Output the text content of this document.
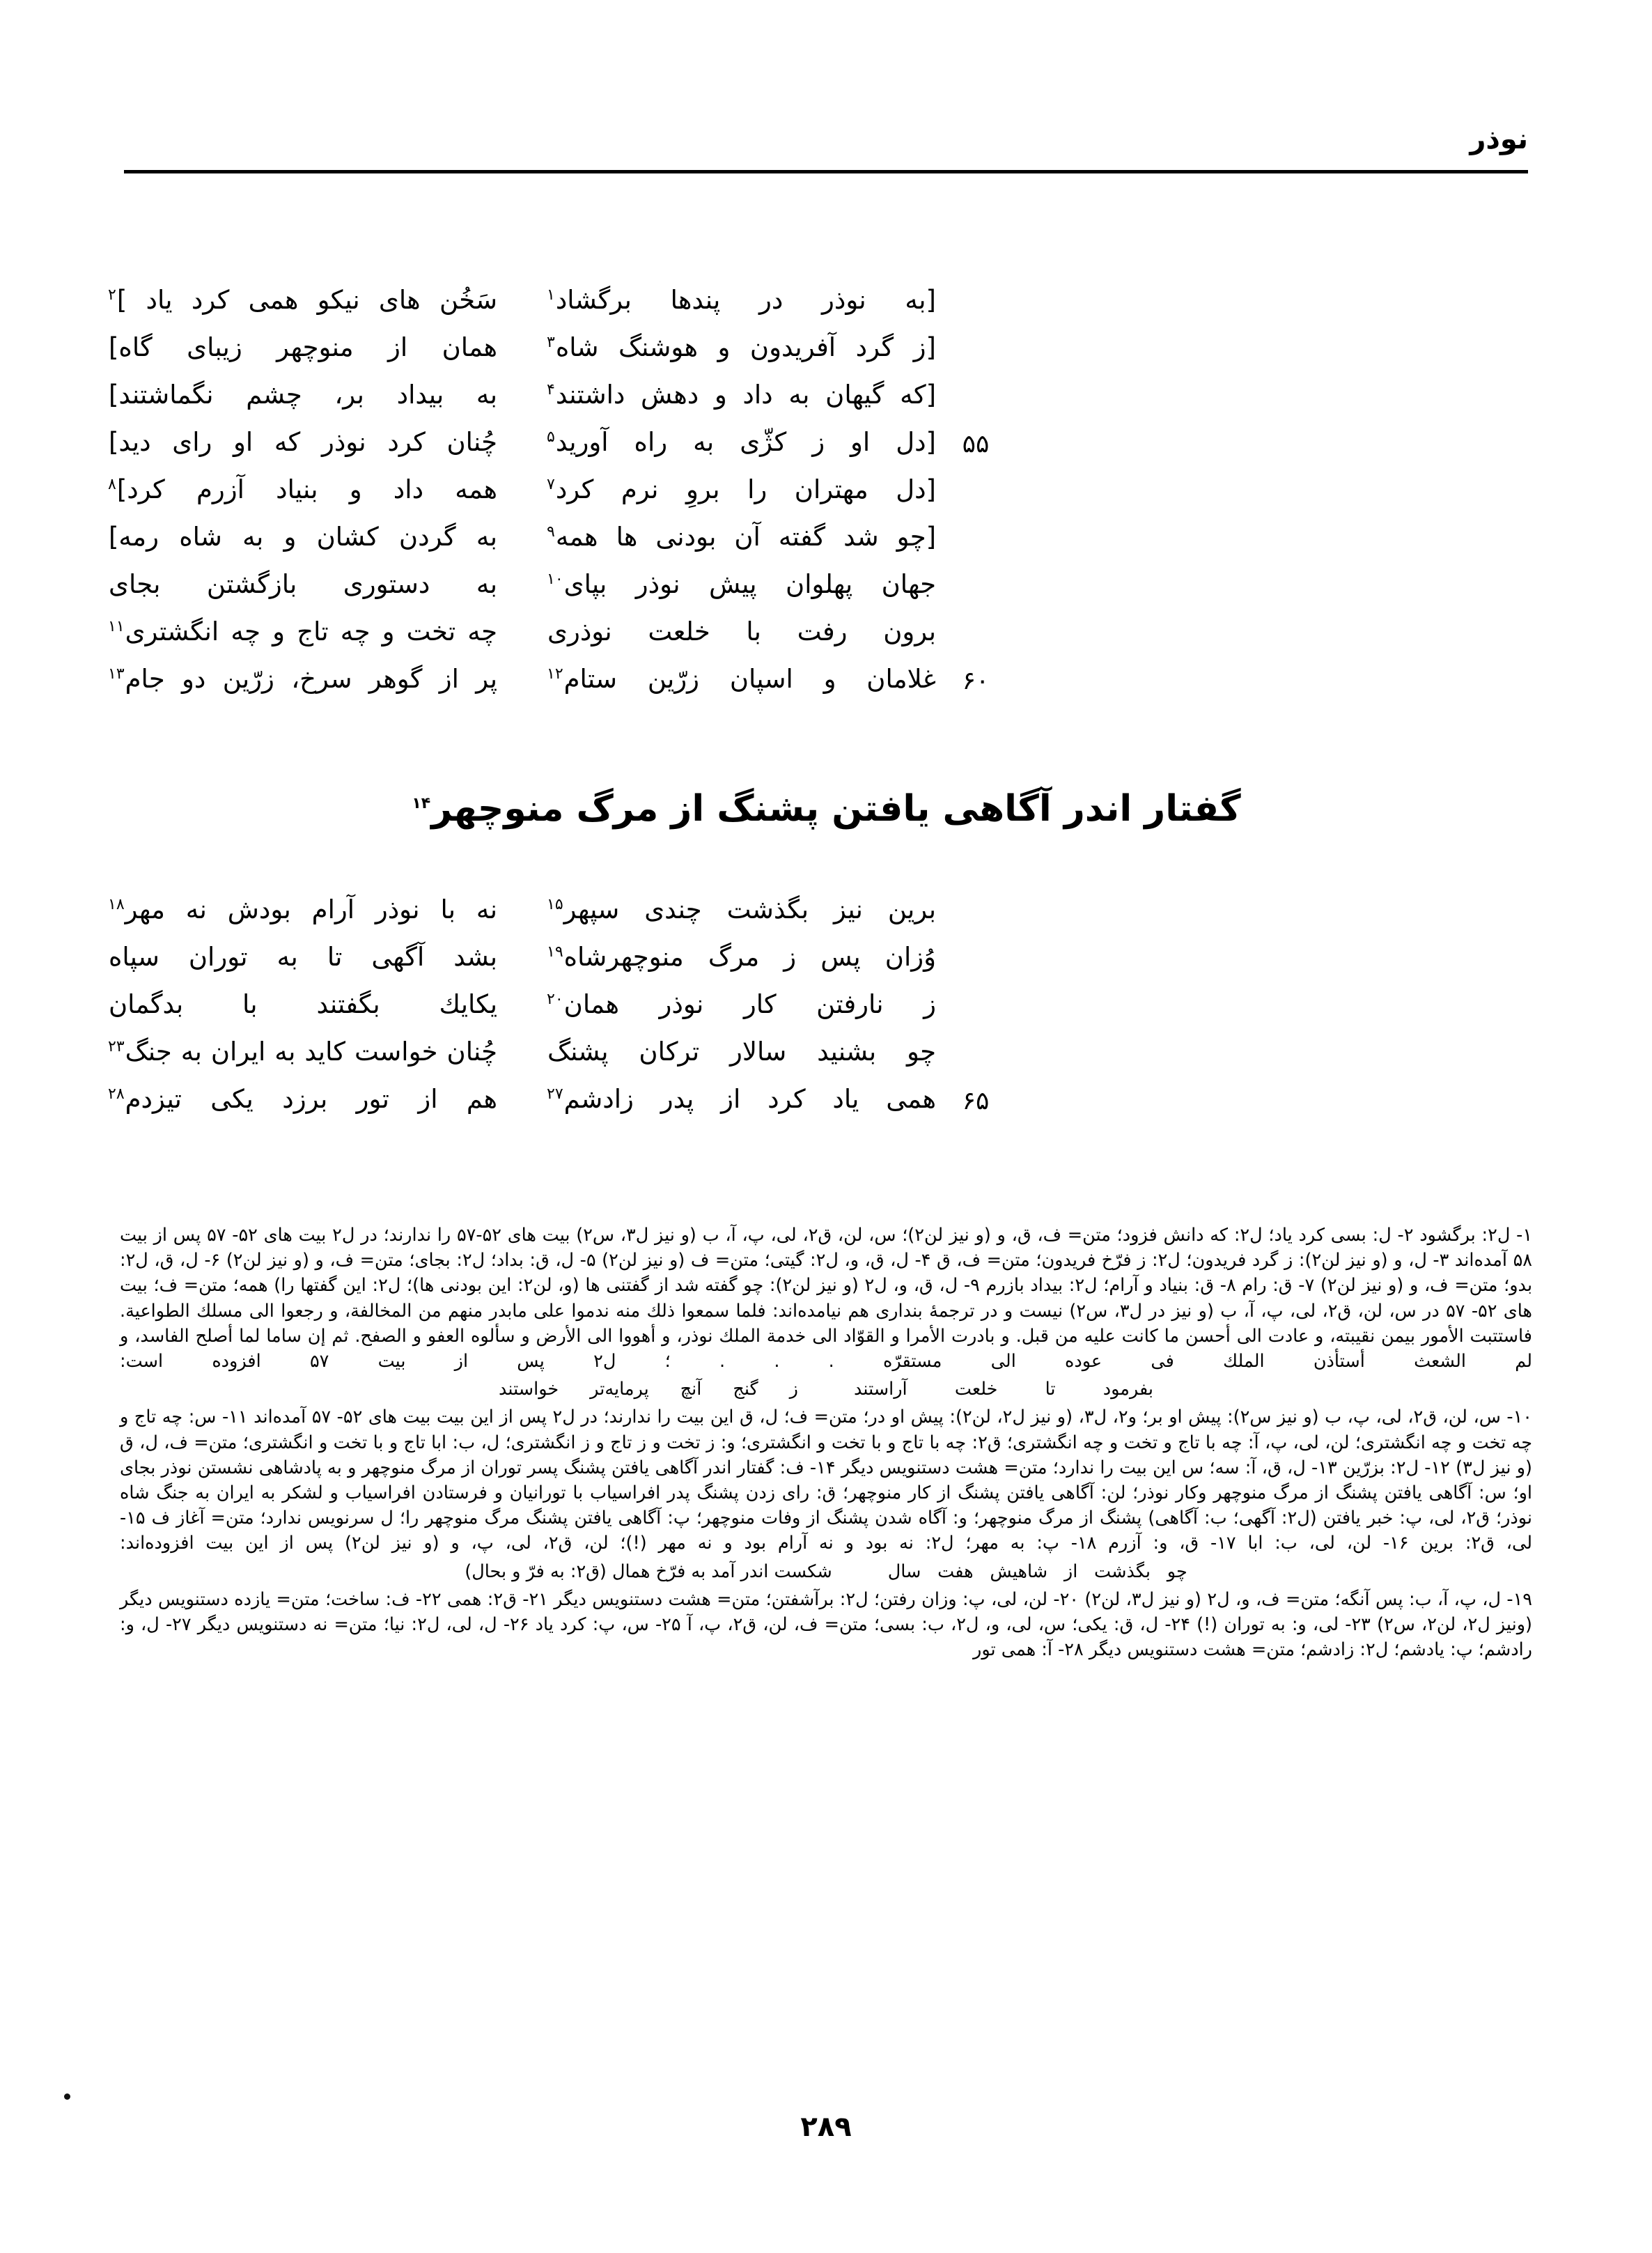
نوذر
[به نوذر در پندها برگشاد$^۱$
سَخُن های نیکو همی کرد یاد ]$^۲$
[ز گرد آفریدون و هوشنگ شاه$^۳$
همان از منوچهر زیبای گاه]
[که گیهان به داد و دهش داشتند$^۴$
به بیداد بر، چشم نگماشتند]
۵۵
[دل او ز کژّی به راه آورید$^۵$
چُنان کرد نوذر که او رای دید]
[دل مهتران را بروِ نرم کرد$^۷$
همه داد و بنیاد آزرم کرد]$^۸$
[چو شد گفته آن بودنی ها همه$^۹$
به گردن کشان و به شاه رمه]
جهان پهلوان پیش نوذر بپای$^{۱۰}$
به دستوری بازگشتن بجای
برون رفت با خلعت نوذری
چه تخت و چه تاج و چه انگشتری$^{۱۱}$
۶۰
غلامان و اسپان زرّین ستام$^{۱۲}$
پر از گوهر سرخ، زرّین دو جام$^{۱۳}$
گفتار اندر آگاهی یافتن پشنگ از مرگ منوچهر$^{۱۴}$
برین نیز بگذشت چندی سپهر$^{۱۵}$
نه با نوذر آرام بودش نه مهر$^{۱۸}$
وُزان پس ز مرگ منوچهرشاه$^{۱۹}$
بشد آگهی تا به توران سپاه
ز نارفتن کار نوذر همان$^{۲۰}$
یکایك بگفتند با بدگمان
چو بشنید سالار ترکان پشنگ
چُنان خواست کاید به ایران به جنگ$^{۲۳}$
۶۵
همی یاد کرد از پدر زادشم$^{۲۷}$
هم از تور برزد یکی تیزدم$^{۲۸}$

۱- ل۲: برگشود ۲- ل: بسی کرد یاد؛ ل۲: که دانش فزود؛ متن= ف، ق، و (و نیز لن۲)؛ س، لن، ق۲، لی، پ، آ، ب (و نیز ل۳، س۲) بیت های ۵۲-۵۷ را ندارند؛ در ل۲ بیت های ۵۲- ۵۷ پس از بیت ۵۸ آمده‌اند ۳- ل، و (و نیز لن۲): ز گرد فریدون؛ ل۲: ز فرّخ فریدون؛ متن= ف، ق ۴- ل، ق، و، ل۲: گیتی؛ متن= ف (و نیز لن۲) ۵- ل، ق: بداد؛ ل۲: بجای؛ متن= ف، و (و نیز لن۲) ۶- ل، ق، ل۲: بدو؛ متن= ف، و (و نیز لن۲) ۷- ق: رام ۸- ق: بنیاد و آرام؛ ل۲: بیداد بازرم ۹- ل، ق، و، ل۲ (و نیز لن۲): چو گفته شد از گفتنی ها (و، لن۲: این بودنی ها)؛ ل۲: این گفتها را) همه؛ متن= ف؛ بیت های ۵۲- ۵۷ در س، لن، ق۲، لی، پ، آ، ب (و نیز در ل۳، س۲) نیست و در ترجمهٔ بنداری هم نیامده‌اند: فلما سمعوا ذلك منه ندموا علی مابدر منهم من المخالفة، و رجعوا الی مسلك الطواعیة. فاستتبت الأمور بیمن نقیبته، و عادت الی أحسن ما کانت علیه من قبل. و بادرت الأمرا و القوّاد الی خدمة الملك نوذر، و أهووا الی الأرض و سألوه العفو و الصفح. ثم إن ساما لما أصلح الفاسد، و لم الشعث أستأذن الملك فی عوده الی مستقرّه . . . ؛ ل۲ پس از بیت ۵۷ افزوده است:

بفرمود تا خلعت آراستندز گنج آنچ پرمایه‌تر خواستند

۱۰- س، لن، ق۲، لی، پ، ب (و نیز س۲): پیش او بر؛ و۲، ل۳، (و نیز ل۲، لن۲): پیش او در؛ متن= ف؛ ل، ق این بیت را ندارند؛ در ل۲ پس از این بیت بیت های ۵۲- ۵۷ آمده‌اند ۱۱- س: چه تاج و چه تخت و چه انگشتری؛ لن، لی، پ، آ: چه با تاج و تخت و چه انگشتری؛ ق۲: چه با تاج و با تخت و انگشتری؛ و: ز تخت و ز تاج و ز انگشتری؛ ل، ب: ابا تاج و با تخت و انگشتری؛ متن= ف، ل، ق (و نیز ل۳) ۱۲- ل۲: بزرّین ۱۳- ل، ق، آ: سه؛ س این بیت را ندارد؛ متن= هشت دستنویس دیگر ۱۴- ف: گفتار اندر آگاهی یافتن پشنگ پسر توران از مرگ منوچهر و به پادشاهی نشستن نوذر بجای او؛ س: آگاهی یافتن پشنگ از مرگ منوچهر وکار نوذر؛ لن: آگاهی یافتن پشنگ از کار منوچهر؛ ق: رای زدن پشنگ پدر افراسیاب با تورانیان و فرستادن افراسیاب و لشکر به ایران به جنگ شاه نوذر؛ ق۲، لی، پ: خبر یافتن (ل۲: آگهی؛ ب: آگاهی) پشنگ از مرگ منوچهر؛ و: آگاه شدن پشنگ از وفات منوچهر؛ پ: آگاهی یافتن پشنگ مرگ منوچهر را؛ ل سرنویس ندارد؛ متن= آغاز ف ۱۵- لی، ق۲: برین ۱۶- لن، لی، ب: ابا ۱۷- ق، و: آزرم ۱۸- پ: به مهر؛ ل۲: نه بود و نه آرام بود و نه مهر (!)؛ لن، ق۲، لی، پ، و (و نیز لن۲) پس از این بیت افزوده‌اند:

چو بگذشت از شاهیش هفت سالشکست اندر آمد به فرّخ همال (ق۲: به فرّ و بحال)

۱۹- ل، پ، آ، ب: پس آنگه؛ متن= ف، و، ل۲ (و نیز ل۳، لن۲) ۲۰- لن، لی، پ: وزان رفتن؛ ل۲: برآشفتن؛ متن= هشت دستنویس دیگر ۲۱- ق۲: همی ۲۲- ف: ساخت؛ متن= یازده دستنویس دیگر (ونیز ل۲، لن۲، س۲) ۲۳- لی، و: به توران (!) ۲۴- ل، ق: یکی؛ س، لی، و، ل۲، ب: بسی؛ متن= ف، لن، ق۲، پ، آ ۲۵- س، پ: کرد یاد ۲۶- ل، لی، ل۲: نیا؛ متن= نه دستنویس دیگر ۲۷- ل، و: رادشم؛ پ: یادشم؛ ل۲: زادشم؛ متن= هشت دستنویس دیگر ۲۸- آ: همی تور

۲۸۹
